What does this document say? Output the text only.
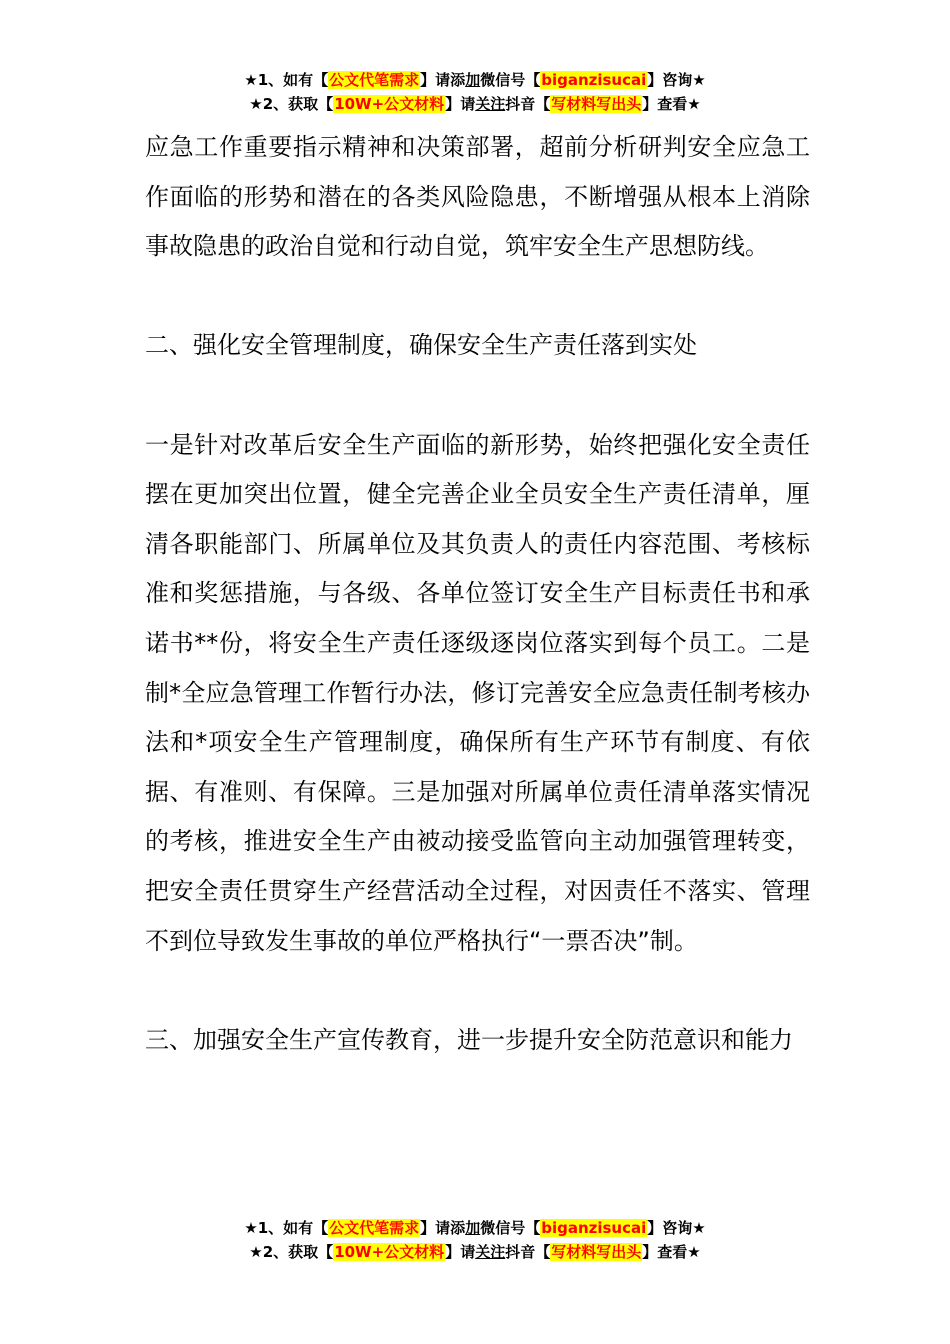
★1、如有【公文代笔需求】请添加微信号【biganzisucai】咨询★
★2、获取【10W+公文材料】请关注抖音【写材料写出头】查看★

应急工作重要指示精神和决策部署，超前分析研判安全应急工作面临的形势和潜在的各类风险隐患，不断增强从根本上消除事故隐患的政治自觉和行动自觉，筑牢安全生产思想防线。

二、强化安全管理制度，确保安全生产责任落到实处

一是针对改革后安全生产面临的新形势，始终把强化安全责任摆在更加突出位置，健全完善企业全员安全生产责任清单，厘清各职能部门、所属单位及其负责人的责任内容范围、考核标准和奖惩措施，与各级、各单位签订安全生产目标责任书和承诺书**份，将安全生产责任逐级逐岗位落实到每个员工。二是制*全应急管理工作暂行办法，修订完善安全应急责任制考核办法和*项安全生产管理制度，确保所有生产环节有制度、有依据、有准则、有保障。三是加强对所属单位责任清单落实情况的考核，推进安全生产由被动接受监管向主动加强管理转变，把安全责任贯穿生产经营活动全过程，对因责任不落实、管理不到位导致发生事故的单位严格执行“一票否决”制。

三、加强安全生产宣传教育，进一步提升安全防范意识和能力

★1、如有【公文代笔需求】请添加微信号【biganzisucai】咨询★
★2、获取【10W+公文材料】请关注抖音【写材料写出头】查看★
